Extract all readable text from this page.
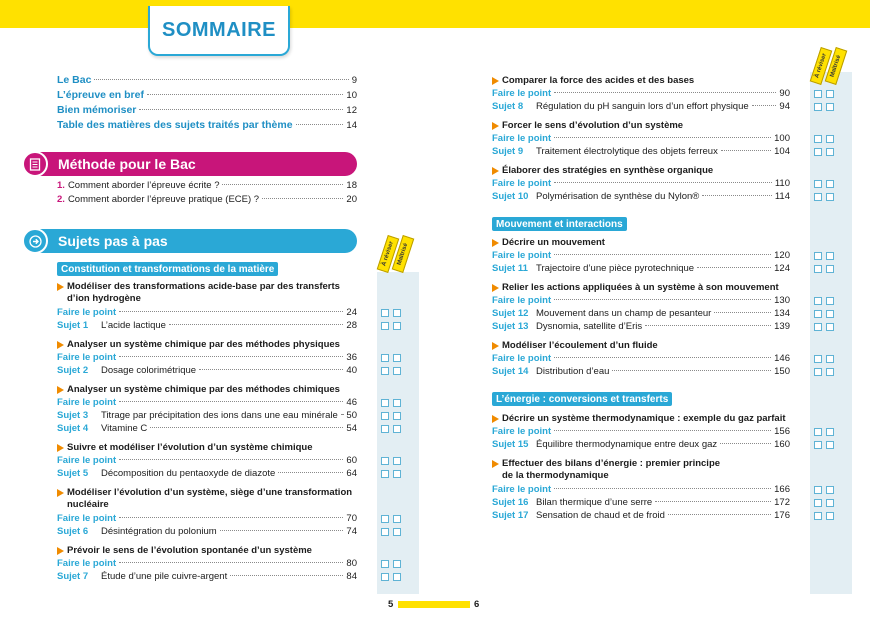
SOMMAIRE
Le Bac	9
L’épreuve en bref	10
Bien mémoriser	12
Table des matières des sujets traités par thème	14
Méthode pour le Bac
1. Comment aborder l’épreuve écrite ?	18
2. Comment aborder l’épreuve pratique (ECE) ?	20
Sujets pas à pas	À réviser Maîtrisé
À réviser Maîtrisé
Constitution et transformations de la matière
Modéliser des transformations acide-base par des transferts d’ion hydrogène
Faire le point	24
Sujet 1	L’acide lactique	28
Analyser un système chimique par des méthodes physiques
Faire le point	36
Sujet 2	Dosage colorimétrique	40
Analyser un système chimique par des méthodes chimiques
Faire le point	46
Sujet 3	Titrage par précipitation des ions dans une eau minérale 50
Sujet 4	Vitamine C	54
Suivre et modéliser l’évolution d’un système chimique
Faire le point	60
Sujet 5	Décomposition du pentaoxyde de diazote	64
Modéliser l’évolution d’un système, siège d’une transformation nucléaire
Faire le point	70
Sujet 6	Désintégration du polonium	74
Prévoir le sens de l’évolution spontanée d’un système
Faire le point	80
Sujet 7	Étude d’une pile cuivre-argent	84
Comparer la force des acides et des bases
Faire le point	90
Sujet 8	Régulation du pH sanguin lors d’un effort physique	94
Forcer le sens d’évolution d’un système
Faire le point	100
Sujet 9	Traitement électrolytique des objets ferreux	104
Élaborer des stratégies en synthèse organique
Faire le point	110
Sujet 10 Polymérisation de synthèse du Nylon®	114
Mouvement et interactions
Décrire un mouvement
Faire le point	120
Sujet 11 Trajectoire d’une pièce pyrotechnique	124
Relier les actions appliquées à un système à son mouvement
Faire le point	130
Sujet 12 Mouvement dans un champ de pesanteur	134
Sujet 13 Dysnomia, satellite d’Eris	139
Modéliser l’écoulement d’un fluide
Faire le point	146
Sujet 14 Distribution d’eau	150
L’énergie : conversions et transferts
Décrire un système thermodynamique : exemple du gaz parfait
Faire le point	156
Sujet 15 Équilibre thermodynamique entre deux gaz	160
Effectuer des bilans d’énergie : premier principe de la thermodynamique
Faire le point	166
Sujet 16 Bilan thermique d’une serre	172
Sujet 17 Sensation de chaud et de froid	176
5	6
